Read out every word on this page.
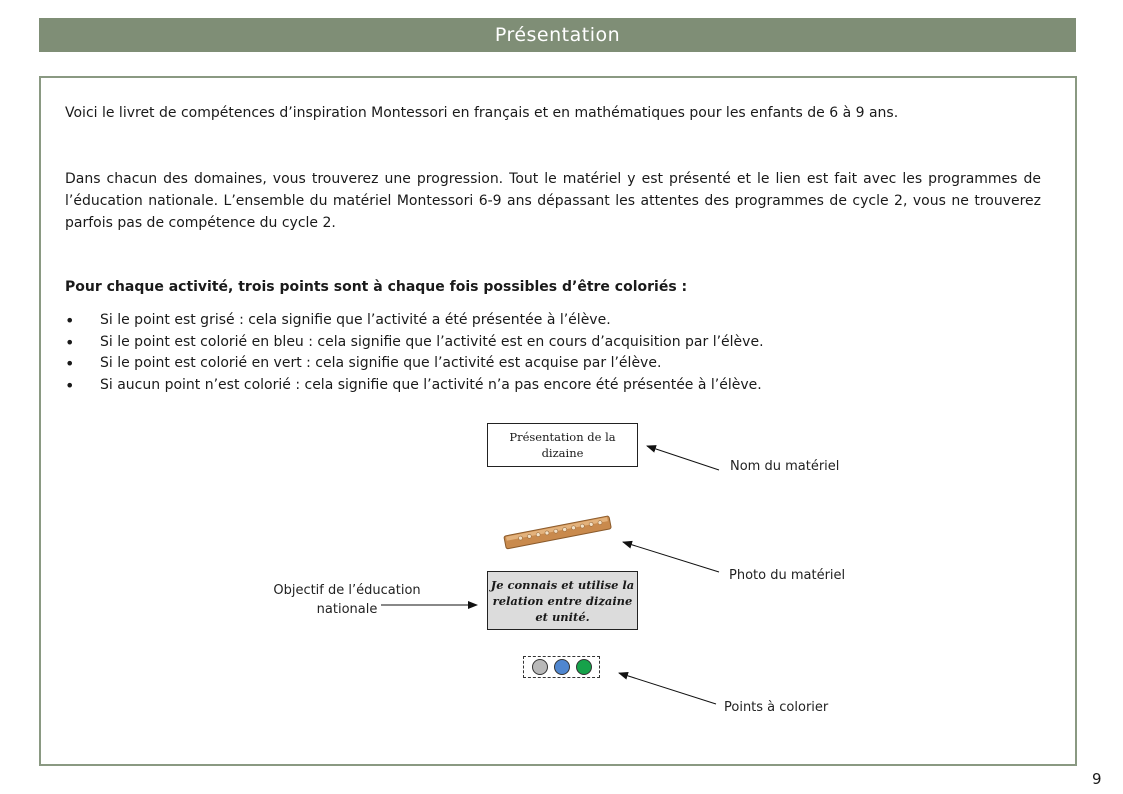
Présentation
Voici le livret de compétences d’inspiration Montessori en français et en mathématiques pour les enfants de 6 à 9 ans.
Dans chacun des domaines, vous trouverez une progression. Tout le matériel y est présenté et le lien est fait avec les programmes de l’éducation nationale. L’ensemble du matériel Montessori 6-9 ans dépassant les attentes des programmes de cycle 2, vous ne trouverez parfois pas de compétence du cycle 2.
Pour chaque activité, trois points sont à chaque fois possibles d’être coloriés :
• Si le point est grisé : cela signifie que l’activité a été présentée à l’élève.
• Si le point est colorié en bleu : cela signifie que l’activité est en cours d’acquisition par l’élève.
• Si le point est colorié en vert : cela signifie que l’activité est acquise par l’élève.
• Si aucun point n’est colorié : cela signifie que l’activité n’a pas encore été présentée à l’élève.
Présentation de la dizaine
Je connais et utilise la relation entre dizaine et unité.
Nom du matériel
Photo du matériel
Points à colorier
Objectif de l’éducation nationale
9
